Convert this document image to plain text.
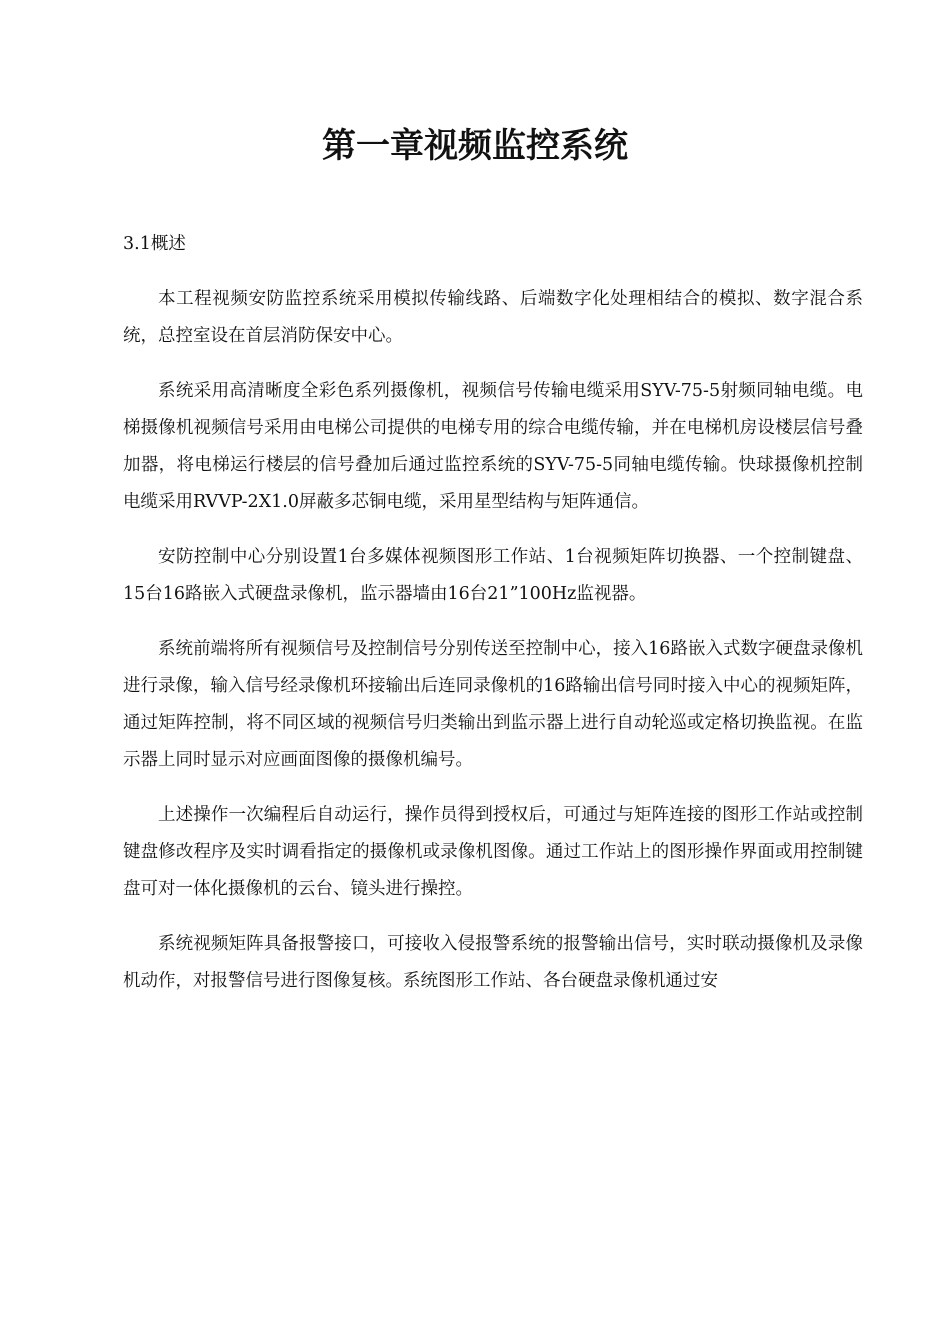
第一章视频监控系统

3.1概述

本工程视频安防监控系统采用模拟传输线路、后端数字化处理相结合的模拟、数字混合系统，总控室设在首层消防保安中心。

系统采用高清晰度全彩色系列摄像机，视频信号传输电缆采用SYV-75-5射频同轴电缆。电梯摄像机视频信号采用由电梯公司提供的电梯专用的综合电缆传输，并在电梯机房设楼层信号叠加器，将电梯运行楼层的信号叠加后通过监控系统的SYV-75-5同轴电缆传输。快球摄像机控制电缆采用RVVP-2X1.0屏蔽多芯铜电缆，采用星型结构与矩阵通信。

安防控制中心分别设置1台多媒体视频图形工作站、1台视频矩阵切换器、一个控制键盘、15台16路嵌入式硬盘录像机，监示器墙由16台21”100Hz监视器。

系统前端将所有视频信号及控制信号分别传送至控制中心，接入16路嵌入式数字硬盘录像机进行录像，输入信号经录像机环接输出后连同录像机的16路输出信号同时接入中心的视频矩阵，通过矩阵控制，将不同区域的视频信号归类输出到监示器上进行自动轮巡或定格切换监视。在监示器上同时显示对应画面图像的摄像机编号。

上述操作一次编程后自动运行，操作员得到授权后，可通过与矩阵连接的图形工作站或控制键盘修改程序及实时调看指定的摄像机或录像机图像。通过工作站上的图形操作界面或用控制键盘可对一体化摄像机的云台、镜头进行操控。

系统视频矩阵具备报警接口，可接收入侵报警系统的报警输出信号，实时联动摄像机及录像机动作，对报警信号进行图像复核。系统图形工作站、各台硬盘录像机通过安
